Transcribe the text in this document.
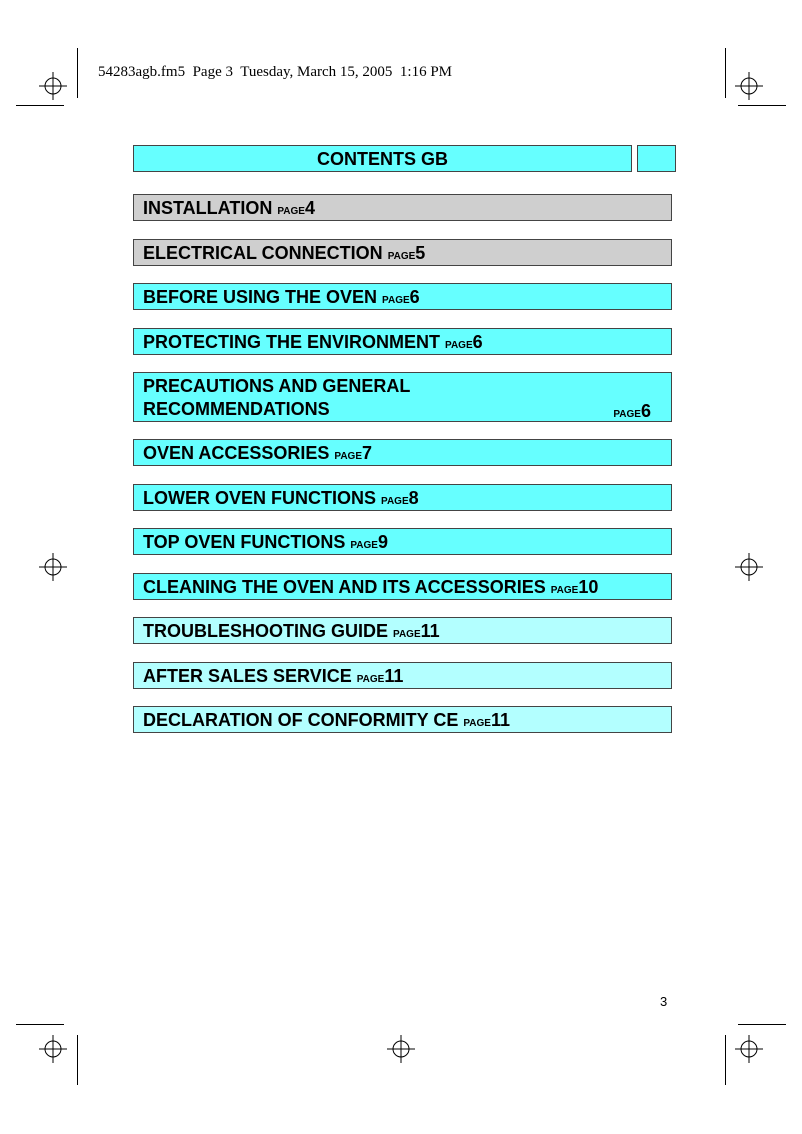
54283agb.fm5  Page 3  Tuesday, March 15, 2005  1:16 PM
CONTENTS GB
INSTALLATION PAGE4
ELECTRICAL CONNECTION PAGE5
BEFORE USING THE OVEN PAGE6
PROTECTING THE ENVIRONMENT PAGE6
PRECAUTIONS AND GENERAL
RECOMMENDATIONS	PAGE6
OVEN ACCESSORIES PAGE7
LOWER OVEN FUNCTIONS PAGE8
TOP OVEN FUNCTIONS PAGE9
CLEANING THE OVEN AND ITS ACCESSORIES PAGE10
TROUBLESHOOTING GUIDE PAGE11
AFTER SALES SERVICE PAGE11
DECLARATION OF CONFORMITY CE PAGE11
3
